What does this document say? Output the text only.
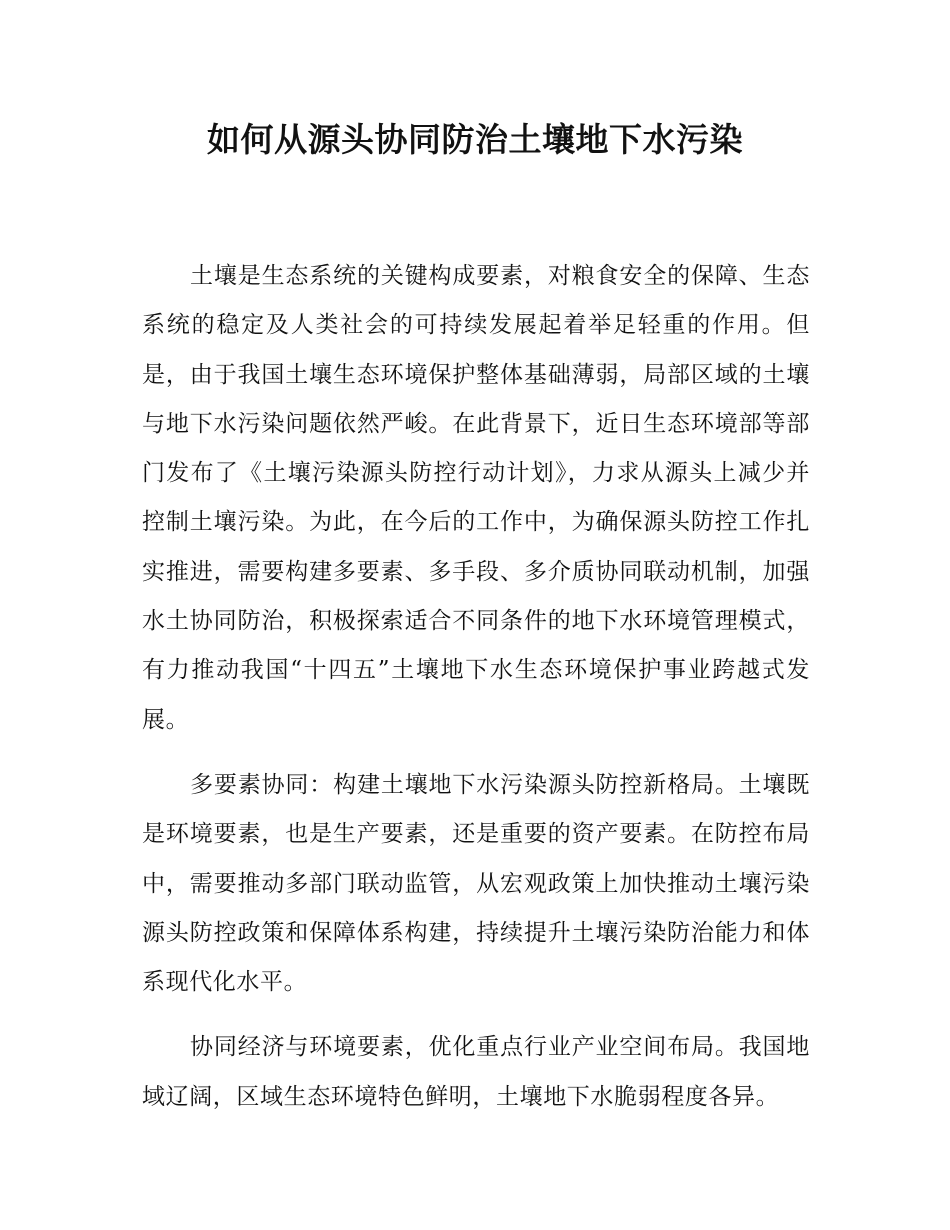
如何从源头协同防治土壤地下水污染

土壤是生态系统的关键构成要素，对粮食安全的保障、生态系统的稳定及人类社会的可持续发展起着举足轻重的作用。但是，由于我国土壤生态环境保护整体基础薄弱，局部区域的土壤与地下水污染问题依然严峻。在此背景下，近日生态环境部等部门发布了《土壤污染源头防控行动计划》，力求从源头上减少并控制土壤污染。为此，在今后的工作中，为确保源头防控工作扎实推进，需要构建多要素、多手段、多介质协同联动机制，加强水土协同防治，积极探索适合不同条件的地下水环境管理模式，有力推动我国“十四五”土壤地下水生态环境保护事业跨越式发展。

多要素协同：构建土壤地下水污染源头防控新格局。土壤既是环境要素，也是生产要素，还是重要的资产要素。在防控布局中，需要推动多部门联动监管，从宏观政策上加快推动土壤污染源头防控政策和保障体系构建，持续提升土壤污染防治能力和体系现代化水平。

协同经济与环境要素，优化重点行业产业空间布局。我国地域辽阔，区域生态环境特色鲜明，土壤地下水脆弱程度各异。
